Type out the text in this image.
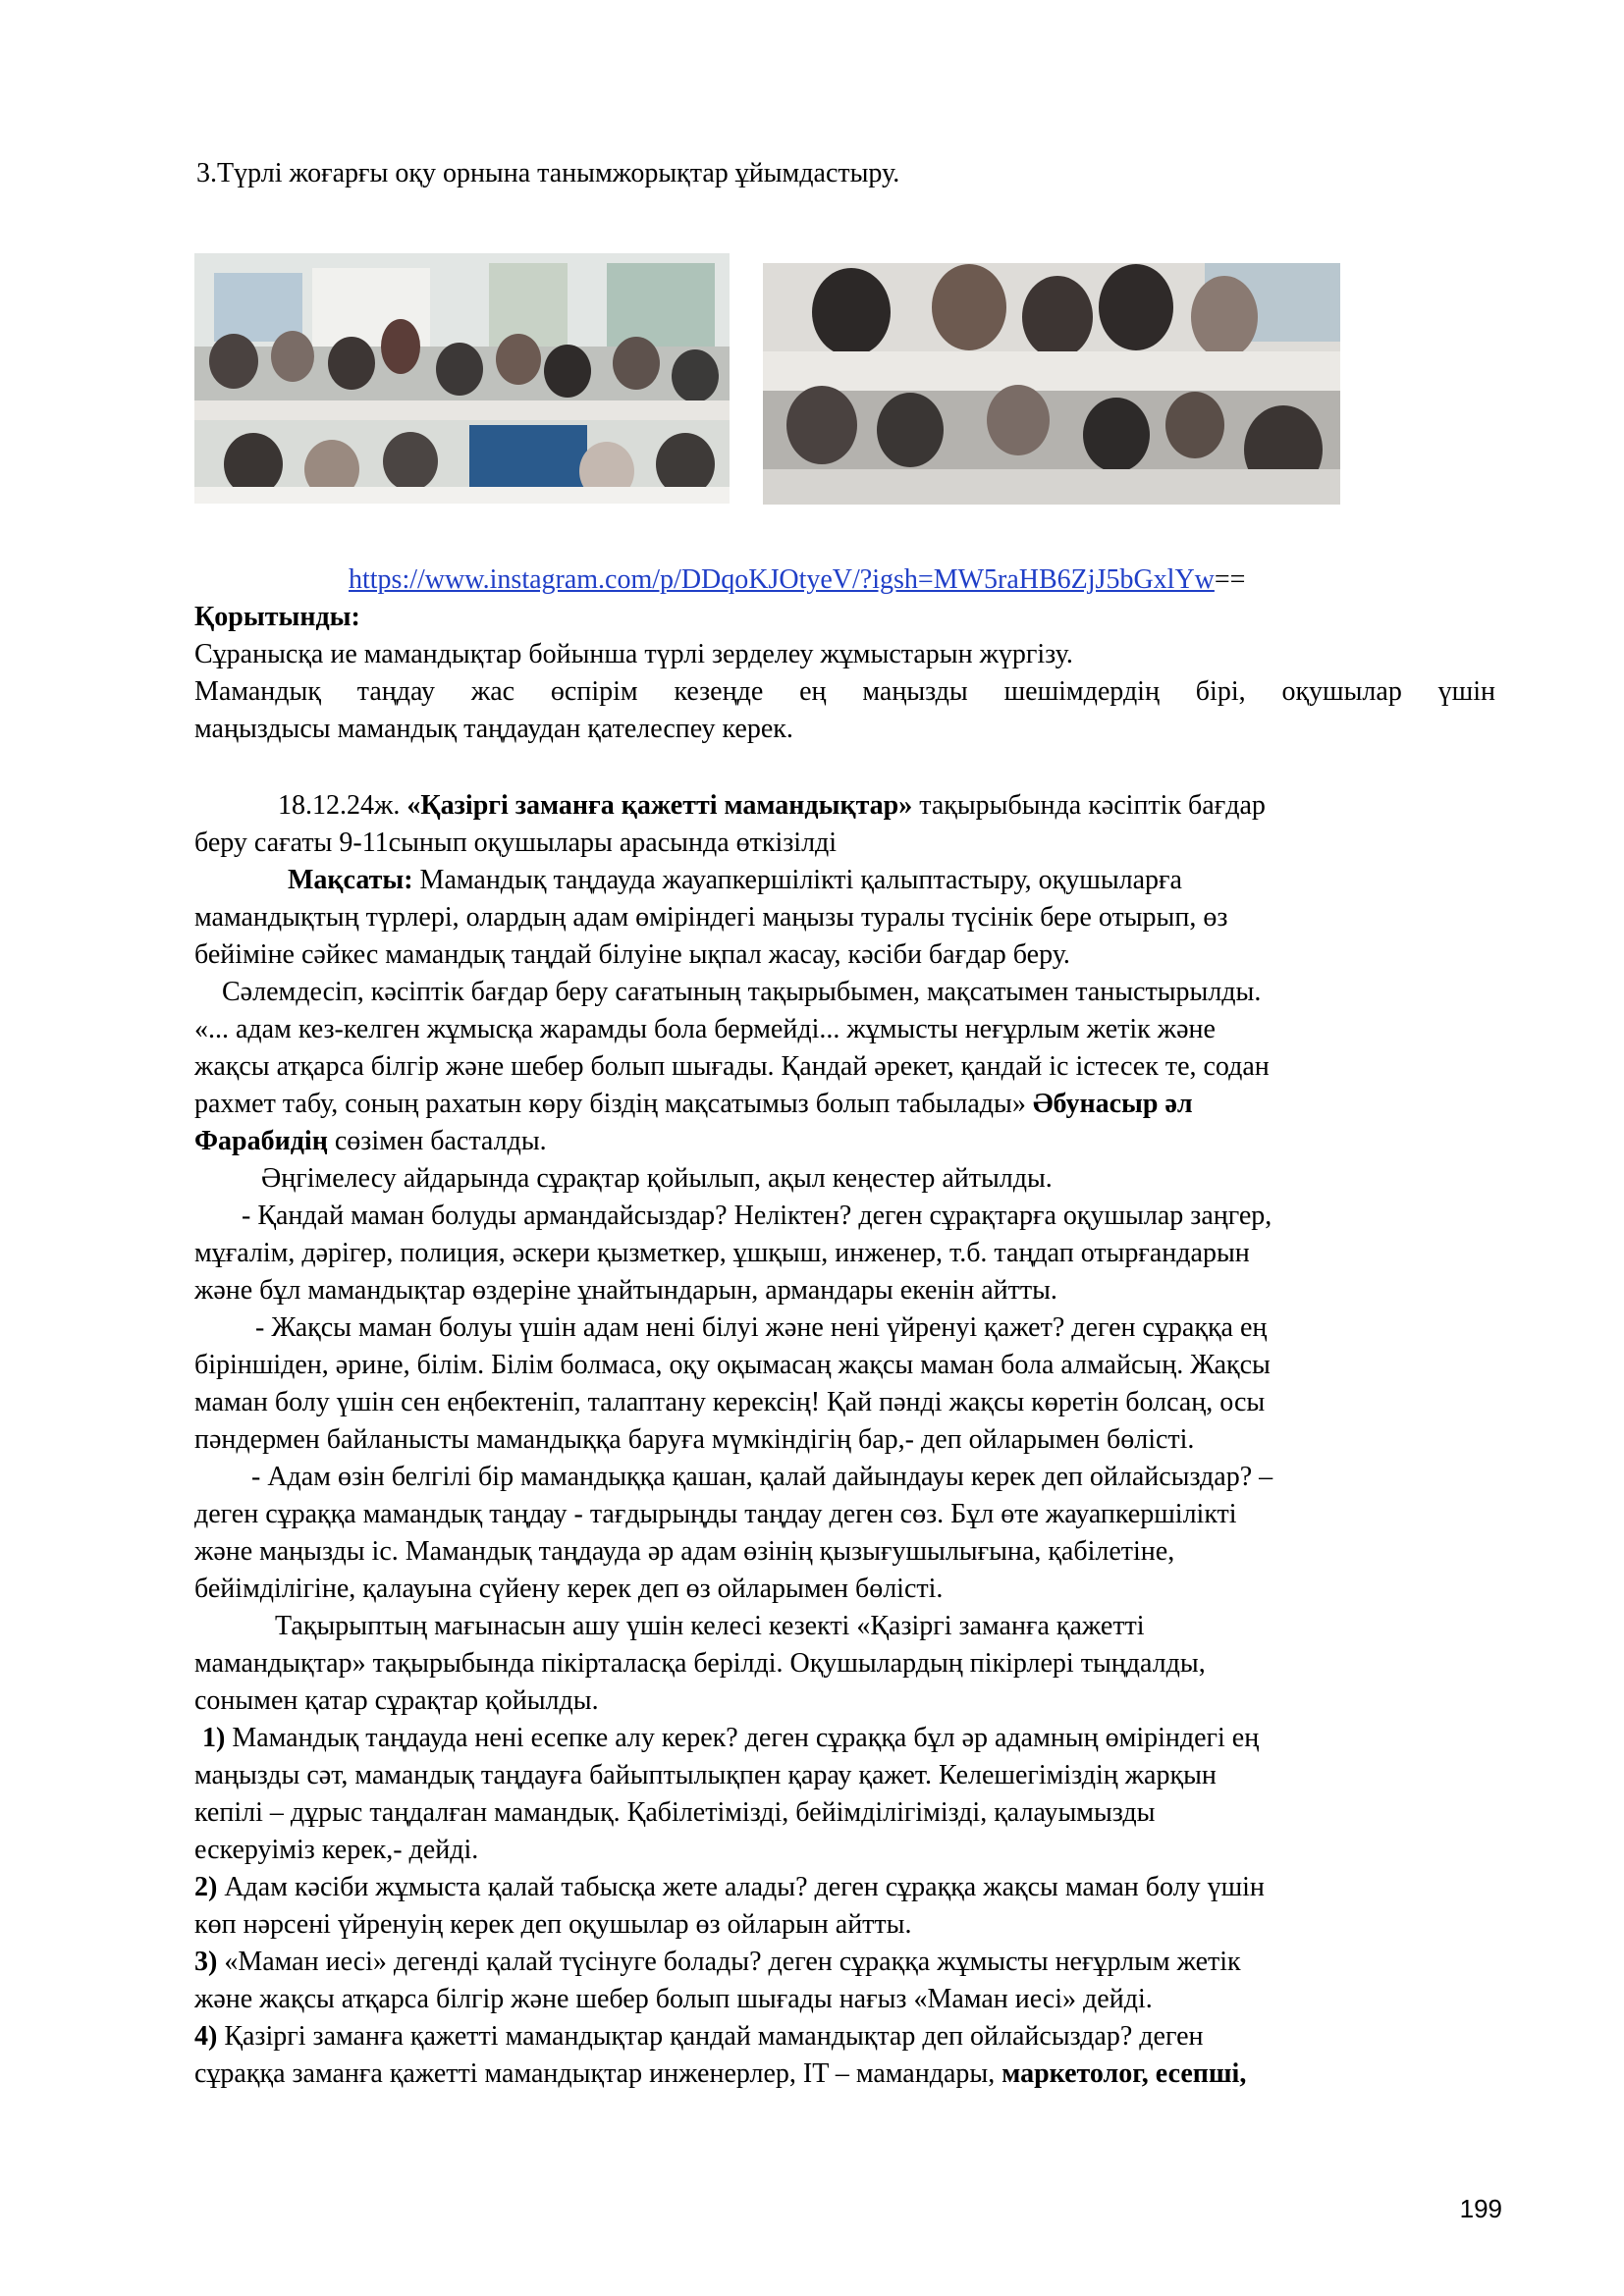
3.Түрлі жоғарғы оқу орнына танымжорықтар ұйымдастыру.
https://www.instagram.com/p/DDqoKJOtyeV/?igsh=MW5raHB6ZjJ5bGxlYw==
Қорытынды:
Сұранысқа ие мамандықтар бойынша түрлі зерделеу жұмыстарын жүргізу.
Мамандық таңдау жас өспірім кезеңде ең маңызды шешімдердің бірі, оқушылар үшін
маңыздысы мамандық таңдаудан қателеспеу керек.
18.12.24ж. «Қазіргі заманға қажетті мамандықтар» тақырыбында кәсіптік бағдар
беру сағаты 9-11сынып оқушылары арасында өткізілді
Мақсаты: Мамандық таңдауда жауапкершілікті қалыптастыру, оқушыларға
мамандықтың түрлері, олардың адам өміріндегі маңызы туралы түсінік бере отырып, өз
бейіміне сәйкес мамандық таңдай білуіне ықпал жасау, кәсіби бағдар беру.
Сәлемдесіп, кәсіптік бағдар беру сағатының тақырыбымен, мақсатымен таныстырылды.
«... адам кез-келген жұмысқа жарамды бола бермейді... жұмысты неғұрлым жетік және
жақсы атқарса білгір және шебер болып шығады. Қандай әрекет, қандай іс істесек те, содан
рахмет табу, соның рахатын көру біздің мақсатымыз болып табылады» Әбунасыр әл
Фарабидің сөзімен басталды.
Әңгімелесу айдарында сұрақтар қойылып, ақыл кеңестер айтылды.
- Қандай маман болуды армандайсыздар? Неліктен? деген сұрақтарға оқушылар заңгер,
мұғалім, дәрігер, полиция, әскери қызметкер, ұшқыш, инженер, т.б. таңдап отырғандарын
және бұл мамандықтар өздеріне ұнайтындарын, армандары екенін айтты.
- Жақсы маман болуы үшін адам нені білуі және нені үйренуі қажет? деген сұраққа ең
біріншіден, әрине, білім. Білім болмаса, оқу оқымасаң жақсы маман бола алмайсың. Жақсы
маман болу үшін сен еңбектеніп, талаптану керексің! Қай пәнді жақсы көретін болсаң, осы
пәндермен байланысты мамандыққа баруға мүмкіндігің бар,- деп ойларымен бөлісті.
- Адам өзін белгілі бір мамандыққа қашан, қалай дайындауы керек деп ойлайсыздар? –
деген сұраққа мамандық таңдау - тағдырыңды таңдау деген сөз. Бұл өте жауапкершілікті
және маңызды іс. Мамандық таңдауда әр адам өзінің қызығушылығына, қабілетіне,
бейімділігіне, қалауына сүйену керек деп өз ойларымен бөлісті.
Тақырыптың мағынасын ашу үшін келесі кезекті «Қазіргі заманға қажетті
мамандықтар» тақырыбында пікірталасқа берілді. Оқушылардың пікірлері тыңдалды,
сонымен қатар сұрақтар қойылды.
1) Мамандық таңдауда нені есепке алу керек? деген сұраққа бұл әр адамның өміріндегі ең
маңызды сәт, мамандық таңдауға байыптылықпен қарау қажет. Келешегіміздің жарқын
кепілі – дұрыс таңдалған мамандық. Қабілетімізді, бейімділігімізді, қалауымызды
ескеруіміз керек,- дейді.
2) Адам кәсіби жұмыста қалай табысқа жете алады? деген сұраққа жақсы маман болу үшін
көп нәрсені үйренуің керек деп оқушылар өз ойларын айтты.
3) «Маман иесі» дегенді қалай түсінуге болады? деген сұраққа жұмысты неғұрлым жетік
және жақсы атқарса білгір және шебер болып шығады нағыз «Маман иесі» дейді.
4) Қазіргі заманға қажетті мамандықтар қандай мамандықтар деп ойлайсыздар? деген
сұраққа заманға қажетті мамандықтар инженерлер, IT – мамандары, маркетолог, есепші,
199
